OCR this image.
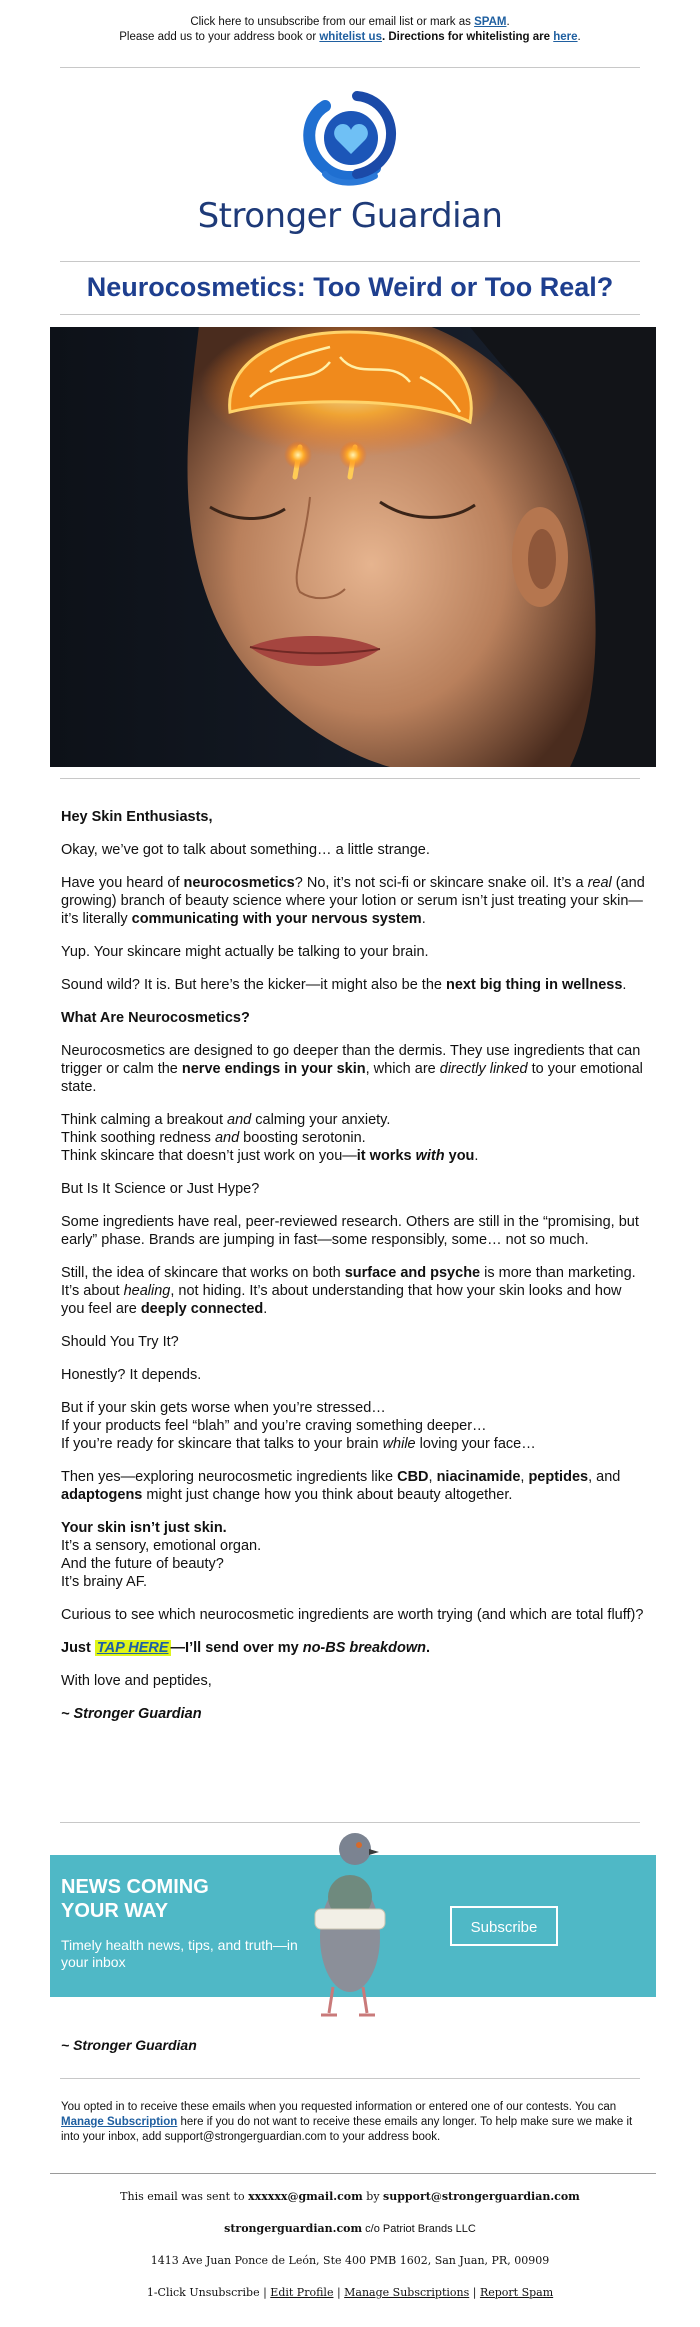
Click here to unsubscribe from our email list or mark as SPAM.
Please add us to your address book or whitelist us. Directions for whitelisting are here.
Stronger Guardian
Neurocosmetics: Too Weird or Too Real?

Hey Skin Enthusiasts,

Okay, we’ve got to talk about something… a little strange.

Have you heard of neurocosmetics? No, it’s not sci-fi or skincare snake oil. It’s a real (and growing) branch of beauty science where your lotion or serum isn’t just treating your skin—it’s literally communicating with your nervous system.

Yup. Your skincare might actually be talking to your brain.

Sound wild? It is. But here’s the kicker—it might also be the next big thing in wellness.

What Are Neurocosmetics?

Neurocosmetics are designed to go deeper than the dermis. They use ingredients that can trigger or calm the nerve endings in your skin, which are directly linked to your emotional state.

Think calming a breakout and calming your anxiety.
Think soothing redness and boosting serotonin.
Think skincare that doesn’t just work on you—it works with you.

But Is It Science or Just Hype?

Some ingredients have real, peer-reviewed research. Others are still in the “promising, but early” phase. Brands are jumping in fast—some responsibly, some… not so much.

Still, the idea of skincare that works on both surface and psyche is more than marketing. It’s about healing, not hiding. It’s about understanding that how your skin looks and how you feel are deeply connected.

Should You Try It?

Honestly? It depends.

But if your skin gets worse when you’re stressed…
If your products feel “blah” and you’re craving something deeper…
If you’re ready for skincare that talks to your brain while loving your face…

Then yes—exploring neurocosmetic ingredients like CBD, niacinamide, peptides, and adaptogens might just change how you think about beauty altogether.

Your skin isn’t just skin.
It’s a sensory, emotional organ.
And the future of beauty?
It’s brainy AF.

Curious to see which neurocosmetic ingredients are worth trying (and which are total fluff)?

Just TAP HERE —I’ll send over my no-BS breakdown.

With love and peptides,

~ Stronger Guardian

NEWS COMING YOUR WAY
Timely health news, tips, and truth—in your inbox
Subscribe
~ Stronger Guardian
You opted in to receive these emails when you requested information or entered one of our contests. You can Manage Subscription here if you do not want to receive these emails any longer. To help make sure we make it into your inbox, add support@strongerguardian.com to your address book.
This email was sent to xxxxxx@gmail.com by support@strongerguardian.com
strongerguardian.com c/o Patriot Brands LLC
1413 Ave Juan Ponce de León, Ste 400 PMB 1602, San Juan, PR, 00909
1-Click Unsubscribe | Edit Profile | Manage Subscriptions | Report Spam
